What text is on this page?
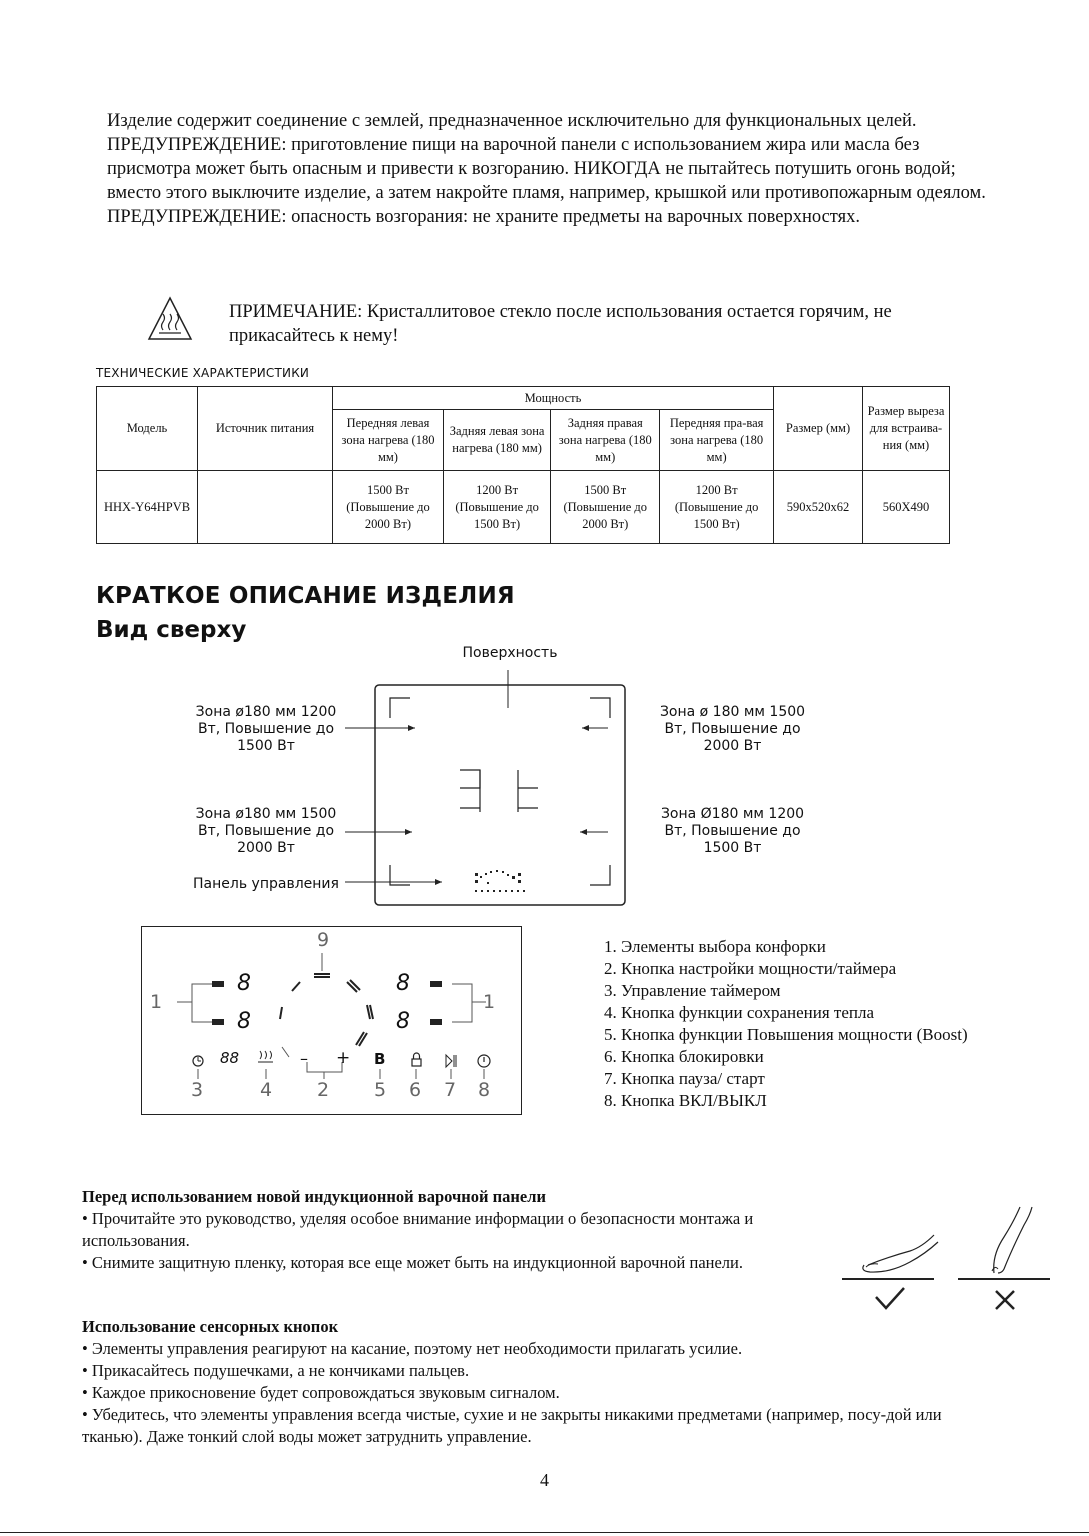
Изделие содержит соединение с землей, предназначенное исключительно для функциональных целей.

ПРЕДУПРЕЖДЕНИЕ: приготовление пищи на варочной панели с использованием жира или масла без присмотра может быть опасным и привести к возгоранию. НИКОГДА не пытайтесь потушить огонь водой; вместо этого выключите изделие, а затем накройте пламя, например, крышкой или противопожарным одеялом.

ПРЕДУПРЕЖДЕНИЕ: опасность возгорания: не храните предметы на варочных поверхностях.

ПРИМЕЧАНИЕ: Кристаллитовое стекло после использования остается горячим, не прикасайтесь к нему!
ТЕХНИЧЕСКИЕ ХАРАКТЕРИСТИКИ
Модель	Источник питания	Мощность				Размер (мм)	Размер выреза для встраива-ния (мм)
		Передняя левая зона нагрева (180 мм)	Задняя левая зона нагрева (180 мм)	Задняя правая зона нагрева (180 мм)	Передняя пра-вая зона нагрева (180 мм)		
HHX-Y64HPVB		1500 Вт (Повышение до 2000 Вт)	1200 Вт (Повышение до 1500 Вт)	1500 Вт (Повышение до 2000 Вт)	1200 Вт (Повышение до 1500 Вт)	590x520x62	560X490
КРАТКОЕ ОПИСАНИЕ ИЗДЕЛИЯ
Вид сверху
Поверхность
Зона ø180 мм 1200 Вт, Повышение до 1500 Вт
Зона ø 180 мм 1500 Вт, Повышение до 2000 Вт
Зона ø180 мм 1500 Вт, Повышение до 2000 Вт
Зона Ø180 мм 1200 Вт, Повышение до 1500 Вт
Панель управления
8
8
8
8
88	– + B
1	1
9
3	4 2 5 6 7 8
1. Элементы выбора конфорки
2. Кнопка настройки мощности/таймера
3. Управление таймером
4. Кнопка функции сохранения тепла
5. Кнопка функции Повышения мощности (Boost)
6. Кнопка блокировки
7. Кнопка пауза/ старт
8. Кнопка ВКЛ/ВЫКЛ

Перед использованием новой индукционной варочной панели

• Прочитайте это руководство, уделяя особое внимание информации о безопасности монтажа и использования.

• Снимите защитную пленку, которая все еще может быть на индукционной варочной панели.

Использование сенсорных кнопок

• Элементы управления реагируют на касание, поэтому нет необходимости прилагать усилие.

• Прикасайтесь подушечками, а не кончиками пальцев.

• Каждое прикосновение будет сопровождаться звуковым сигналом.

• Убедитесь, что элементы управления всегда чистые, сухие и не закрыты никакими предметами (например, посу-дой или тканью). Даже тонкий слой воды может затруднить управление.

4
